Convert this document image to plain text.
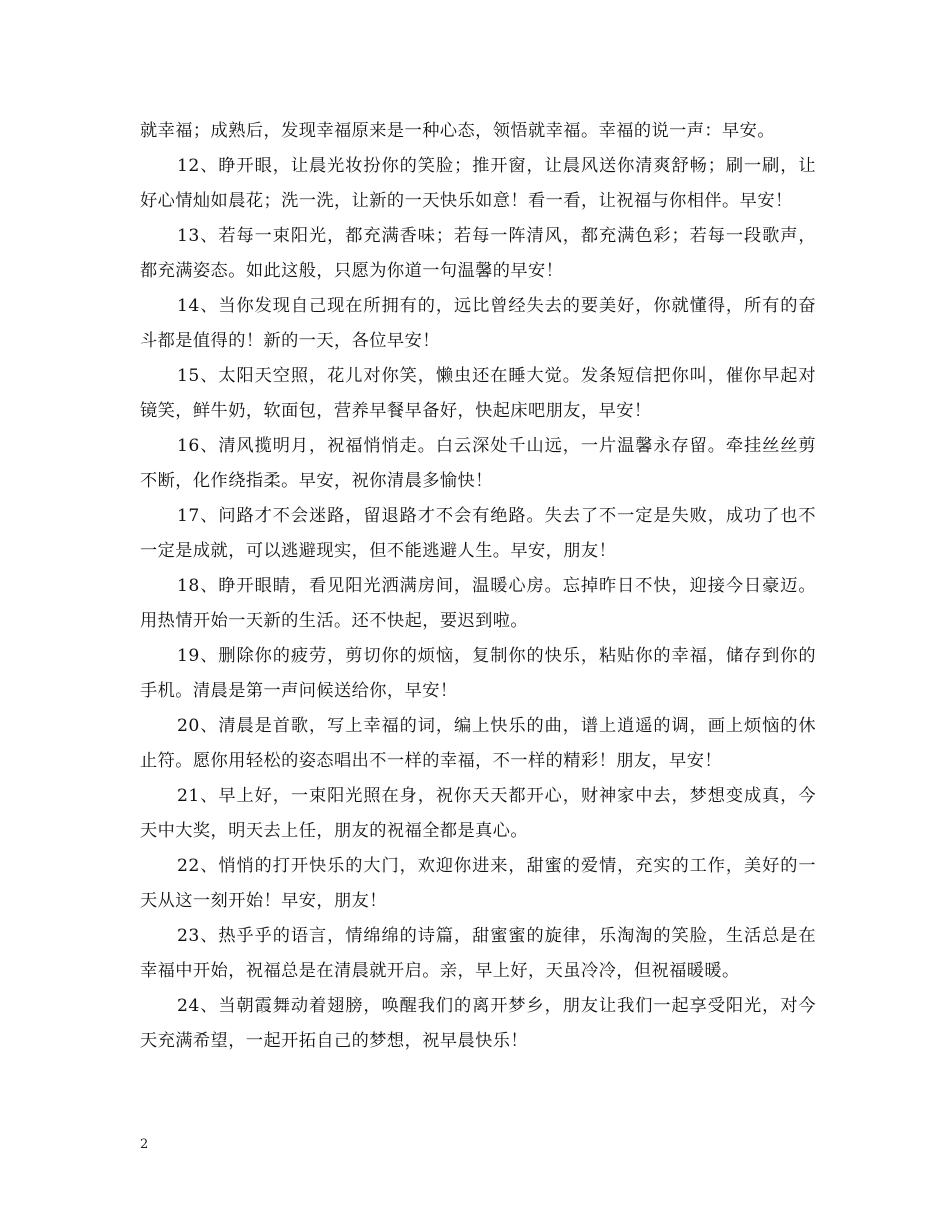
就幸福；成熟后，发现幸福原来是一种心态，领悟就幸福。幸福的说一声：早安。

12、睁开眼，让晨光妆扮你的笑脸；推开窗，让晨风送你清爽舒畅；刷一刷，让好心情灿如晨花；洗一洗，让新的一天快乐如意！看一看，让祝福与你相伴。早安！

13、若每一束阳光，都充满香味；若每一阵清风，都充满色彩；若每一段歌声，都充满姿态。如此这般，只愿为你道一句温馨的早安！

14、当你发现自己现在所拥有的，远比曾经失去的要美好，你就懂得，所有的奋斗都是值得的！新的一天，各位早安！

15、太阳天空照，花儿对你笑，懒虫还在睡大觉。发条短信把你叫，催你早起对镜笑，鲜牛奶，软面包，营养早餐早备好，快起床吧朋友，早安！

16、清风揽明月，祝福悄悄走。白云深处千山远，一片温馨永存留。牵挂丝丝剪不断，化作绕指柔。早安，祝你清晨多愉快！

17、问路才不会迷路，留退路才不会有绝路。失去了不一定是失败，成功了也不一定是成就，可以逃避现实，但不能逃避人生。早安，朋友！

18、睁开眼睛，看见阳光洒满房间，温暖心房。忘掉昨日不快，迎接今日豪迈。用热情开始一天新的生活。还不快起，要迟到啦。

19、删除你的疲劳，剪切你的烦恼，复制你的快乐，粘贴你的幸福，储存到你的手机。清晨是第一声问候送给你，早安！

20、清晨是首歌，写上幸福的词，编上快乐的曲，谱上逍遥的调，画上烦恼的休止符。愿你用轻松的姿态唱出不一样的幸福，不一样的精彩！朋友，早安！

21、早上好，一束阳光照在身，祝你天天都开心，财神家中去，梦想变成真，今天中大奖，明天去上任，朋友的祝福全都是真心。

22、悄悄的打开快乐的大门，欢迎你进来，甜蜜的爱情，充实的工作，美好的一天从这一刻开始！早安，朋友！

23、热乎乎的语言，情绵绵的诗篇，甜蜜蜜的旋律，乐淘淘的笑脸，生活总是在幸福中开始，祝福总是在清晨就开启。亲，早上好，天虽冷冷，但祝福暖暖。

24、当朝霞舞动着翅膀，唤醒我们的离开梦乡，朋友让我们一起享受阳光，对今天充满希望，一起开拓自己的梦想，祝早晨快乐！

2
